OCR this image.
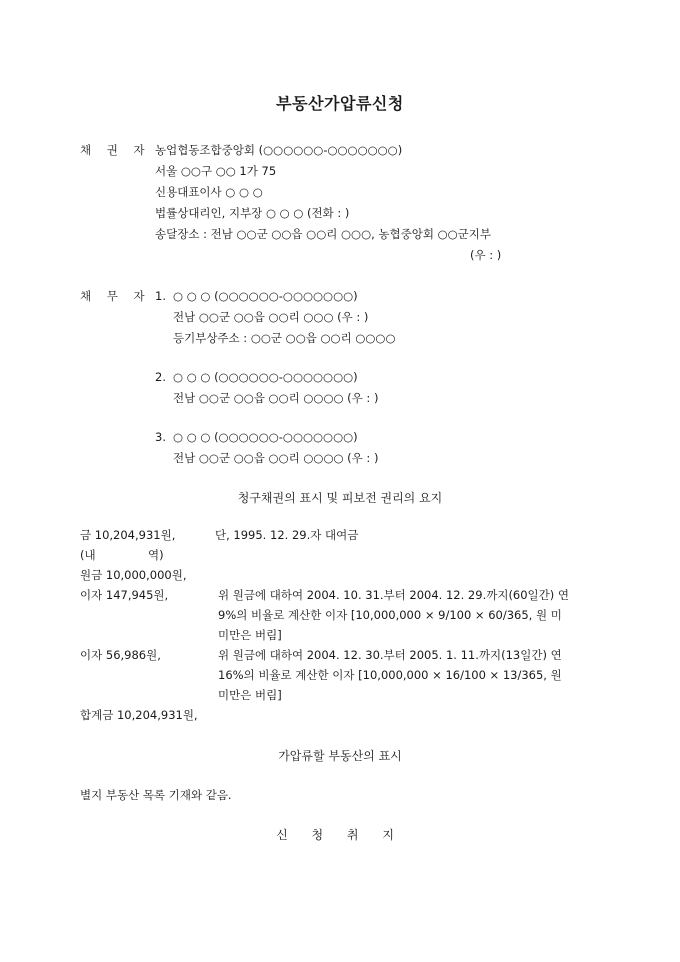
부동산가압류신청
채 권 자 농업협동조합중앙회 (○○○○○○-○○○○○○○)
서울 ○○구 ○○ 1가 75
신용대표이사 ○ ○ ○
법률상대리인, 지부장 ○ ○ ○ (전화 : )
송달장소 : 전남 ○○군 ○○읍 ○○리 ○○○, 농협중앙회 ○○군지부
(우 : )
채 무 자 1. ○ ○ ○ (○○○○○○-○○○○○○○)
전남 ○○군 ○○읍 ○○리 ○○○ (우 : )
등기부상주소 : ○○군 ○○읍 ○○리 ○○○○
2. ○ ○ ○ (○○○○○○-○○○○○○○)
전남 ○○군 ○○읍 ○○리 ○○○○ (우 : )
3. ○ ○ ○ (○○○○○○-○○○○○○○)
전남 ○○군 ○○읍 ○○리 ○○○○ (우 : )
청구채권의 표시 및 피보전 권리의 요지
금 10,204,931원,	단, 1995. 12. 29.자 대여금
(내	역)
원금 10,000,000원,
이자 147,945원,	위 원금에 대하여 2004. 10. 31.부터 2004. 12. 29.까지(60일간) 연
9%의 비율로 계산한 이자 [10,000,000 × 9/100 × 60/365, 원 미
미만은 버림]
이자 56,986원,	위 원금에 대하여 2004. 12. 30.부터 2005. 1. 11.까지(13일간) 연
16%의 비율로 계산한 이자 [10,000,000 × 16/100 × 13/365, 원
미만은 버림]
합계금 10,204,931원,
가압류할 부동산의 표시
별지 부동산 목록 기재와 같음.
신 청 취 지
